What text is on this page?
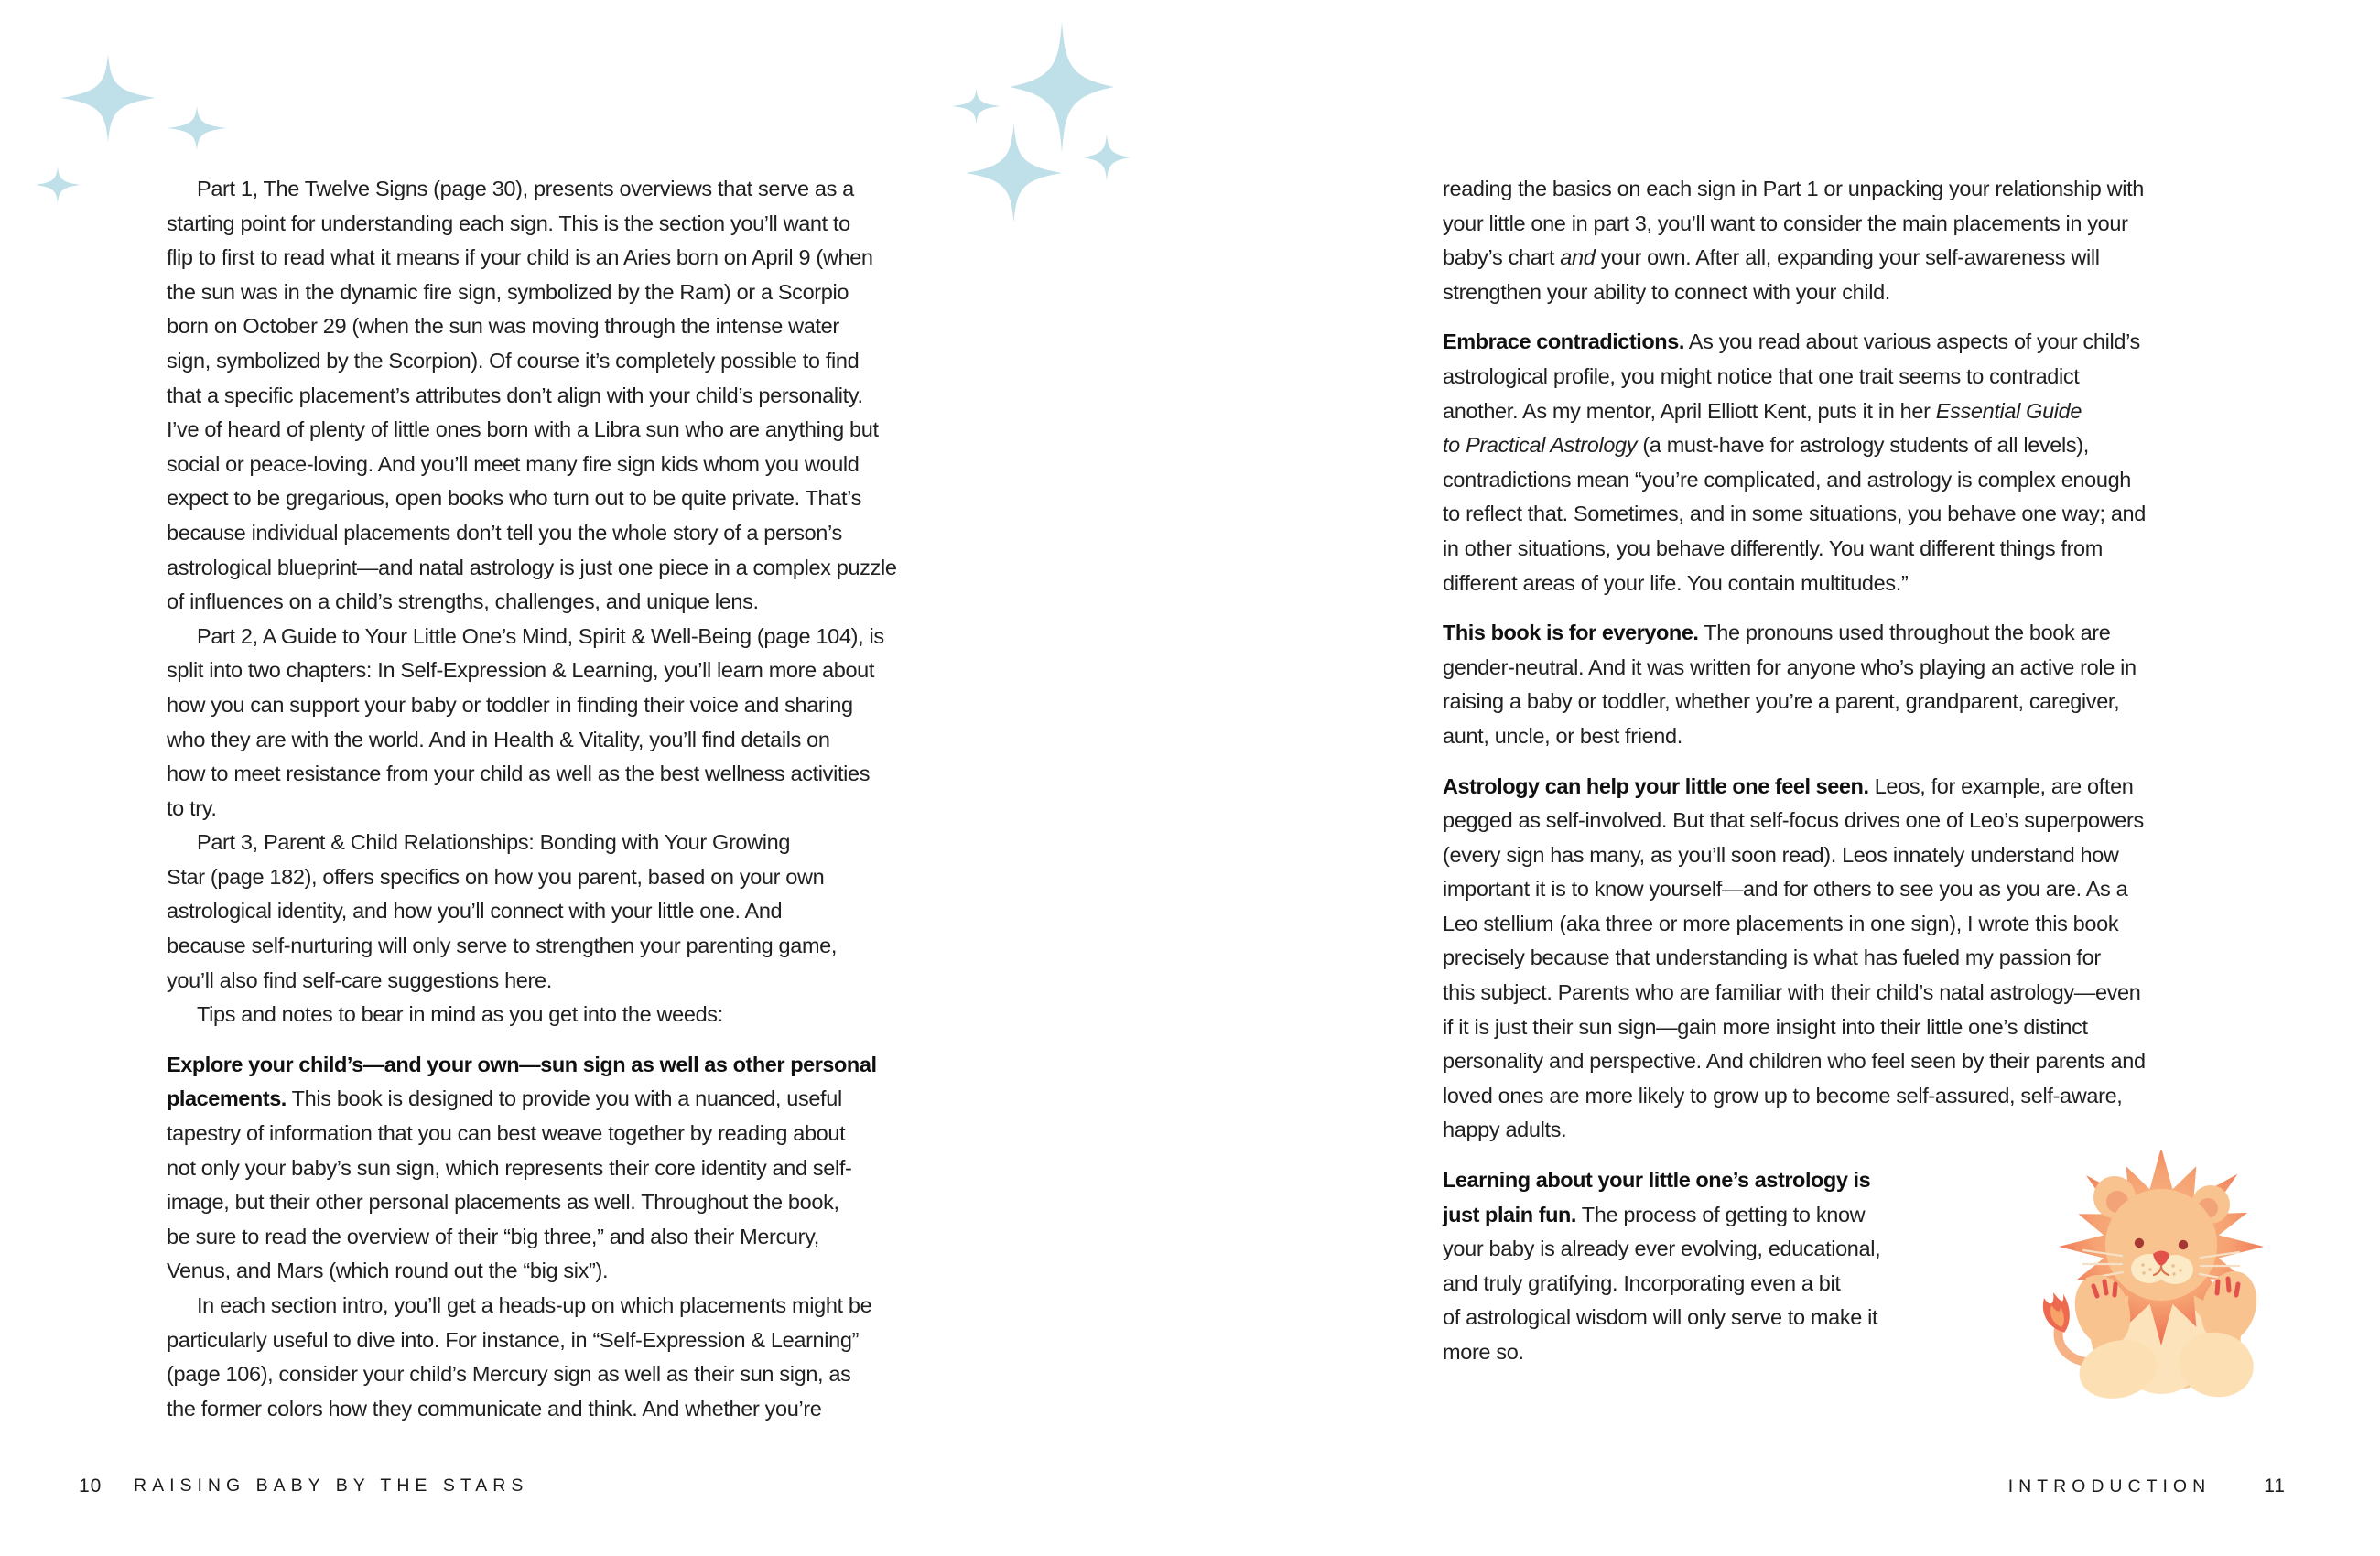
Part 1, The Twelve Signs (page 30), presents overviews that serve as a
starting point for understanding each sign. This is the section you’ll want to
flip to first to read what it means if your child is an Aries born on April 9 (when
the sun was in the dynamic fire sign, symbolized by the Ram) or a Scorpio
born on October 29 (when the sun was moving through the intense water
sign, symbolized by the Scorpion). Of course it’s completely possible to find
that a specific placement’s attributes don’t align with your child’s personality.
I’ve of heard of plenty of little ones born with a Libra sun who are anything but
social or peace-loving. And you’ll meet many fire sign kids whom you would
expect to be gregarious, open books who turn out to be quite private. That’s
because individual placements don’t tell you the whole story of a person’s
astrological blueprint—and natal astrology is just one piece in a complex puzzle
of influences on a child’s strengths, challenges, and unique lens.
Part 2, A Guide to Your Little One’s Mind, Spirit & Well-Being (page 104), is
split into two chapters: In Self-Expression & Learning, you’ll learn more about
how you can support your baby or toddler in finding their voice and sharing
who they are with the world. And in Health & Vitality, you’ll find details on
how to meet resistance from your child as well as the best wellness activities
to try.
Part 3, Parent & Child Relationships: Bonding with Your Growing
Star (page 182), offers specifics on how you parent, based on your own
astrological identity, and how you’ll connect with your little one. And
because self-nurturing will only serve to strengthen your parenting game,
you’ll also find self-care suggestions here.
Tips and notes to bear in mind as you get into the weeds:
Explore your child’s—and your own—sun sign as well as other personal
placements. This book is designed to provide you with a nuanced, useful
tapestry of information that you can best weave together by reading about
not only your baby’s sun sign, which represents their core identity and self-
image, but their other personal placements as well. Throughout the book,
be sure to read the overview of their “big three,” and also their Mercury,
Venus, and Mars (which round out the “big six”).
In each section intro, you’ll get a heads-up on which placements might be
particularly useful to dive into. For instance, in “Self-Expression & Learning”
(page 106), consider your child’s Mercury sign as well as their sun sign, as
the former colors how they communicate and think. And whether you’re
reading the basics on each sign in Part 1 or unpacking your relationship with
your little one in part 3, you’ll want to consider the main placements in your
baby’s chart and your own. After all, expanding your self-awareness will
strengthen your ability to connect with your child.
Embrace contradictions. As you read about various aspects of your child’s
astrological profile, you might notice that one trait seems to contradict
another. As my mentor, April Elliott Kent, puts it in her Essential Guide
to Practical Astrology (a must-have for astrology students of all levels),
contradictions mean “you’re complicated, and astrology is complex enough
to reflect that. Sometimes, and in some situations, you behave one way; and
in other situations, you behave differently. You want different things from
different areas of your life. You contain multitudes.”
This book is for everyone. The pronouns used throughout the book are
gender-neutral. And it was written for anyone who’s playing an active role in
raising a baby or toddler, whether you’re a parent, grandparent, caregiver,
aunt, uncle, or best friend.
Astrology can help your little one feel seen. Leos, for example, are often
pegged as self-involved. But that self-focus drives one of Leo’s superpowers
(every sign has many, as you’ll soon read). Leos innately understand how
important it is to know yourself—and for others to see you as you are. As a
Leo stellium (aka three or more placements in one sign), I wrote this book
precisely because that understanding is what has fueled my passion for
this subject. Parents who are familiar with their child’s natal astrology—even
if it is just their sun sign—gain more insight into their little one’s distinct
personality and perspective. And children who feel seen by their parents and
loved ones are more likely to grow up to become self-assured, self-aware,
happy adults.
Learning about your little one’s astrology is
just plain fun. The process of getting to know
your baby is already ever evolving, educational,
and truly gratifying. Incorporating even a bit
of astrological wisdom will only serve to make it
more so.
10 RAISING BABY BY THE STARS	INTRODUCTION	11
